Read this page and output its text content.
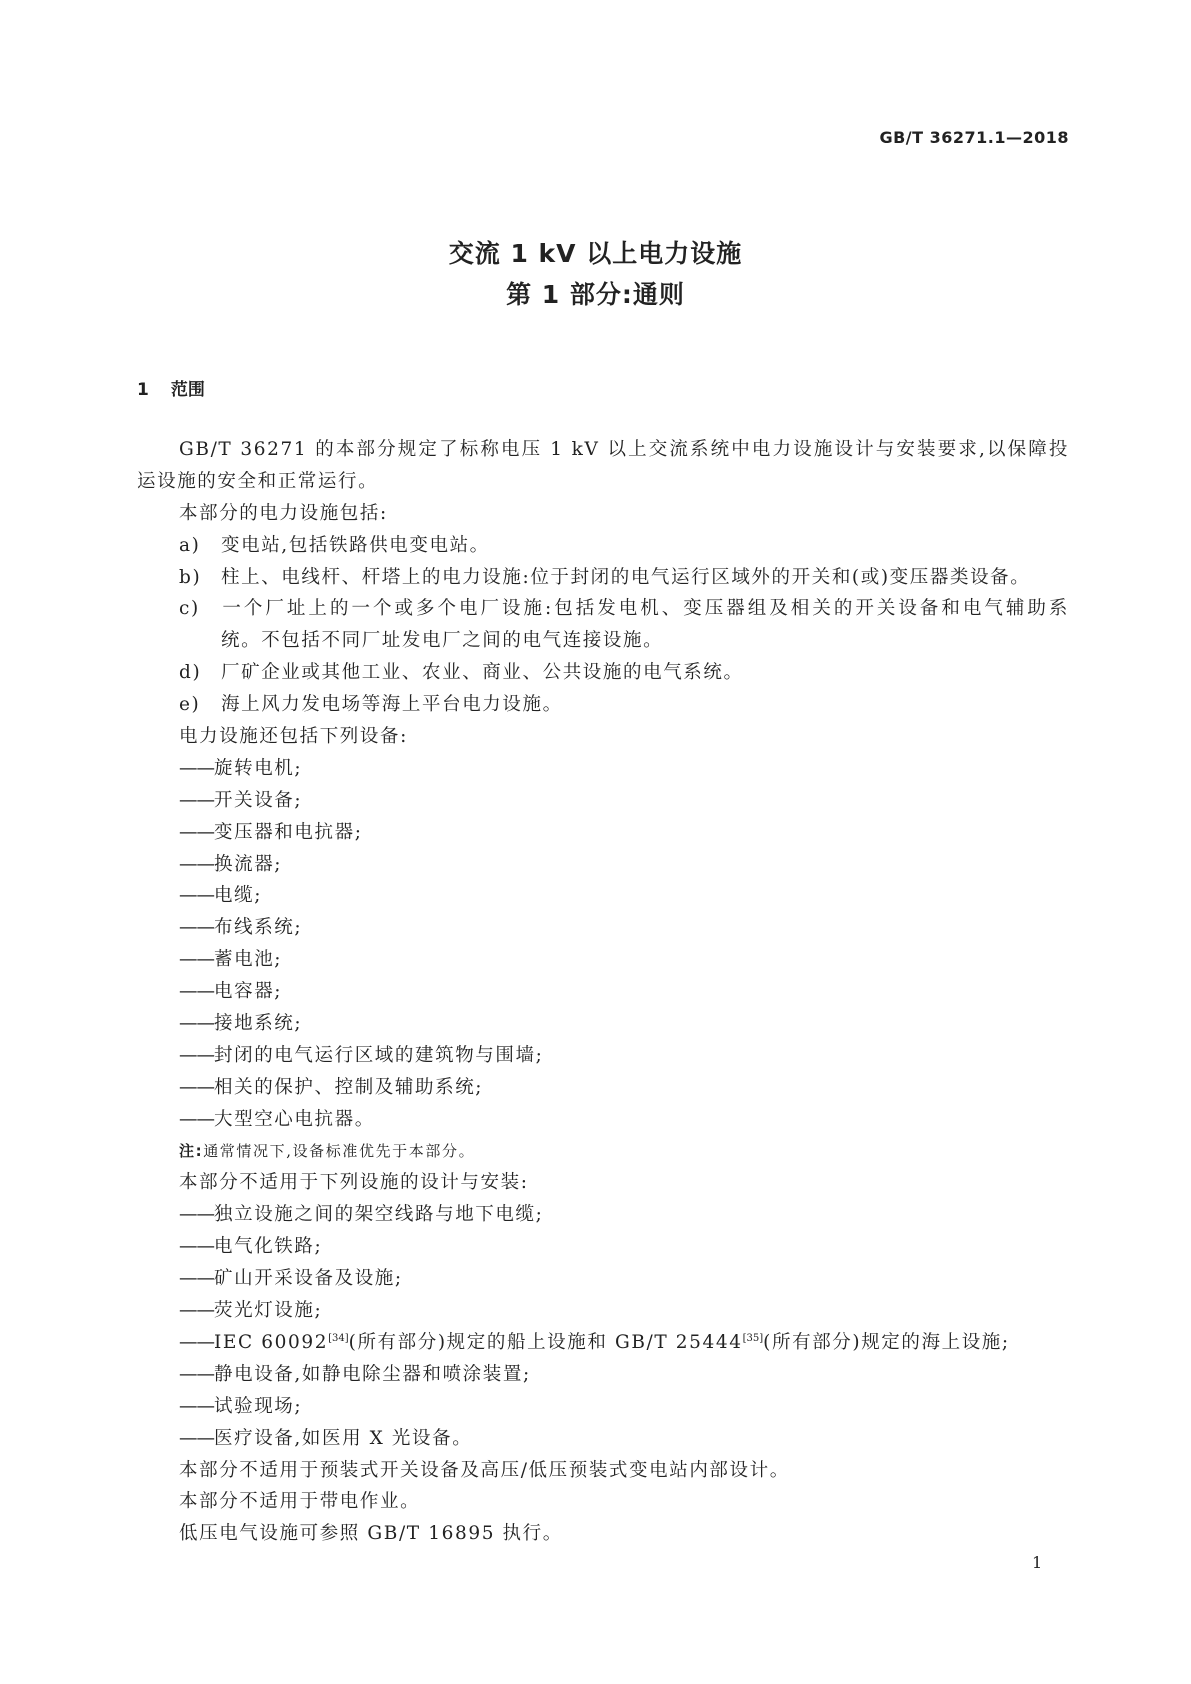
GB/T 36271.1—2018
交流 1 kV 以上电力设施
第 1 部分:通则
1 范围
GB/T 36271 的本部分规定了标称电压 1 kV 以上交流系统中电力设施设计与安装要求,以保障投
运设施的安全和正常运行。
本部分的电力设施包括:
a) 变电站,包括铁路供电变电站。
b) 柱上、电线杆、杆塔上的电力设施:位于封闭的电气运行区域外的开关和(或)变压器类设备。
c) 一个厂址上的一个或多个电厂设施:包括发电机、变压器组及相关的开关设备和电气辅助系
统。不包括不同厂址发电厂之间的电气连接设施。
d) 厂矿企业或其他工业、农业、商业、公共设施的电气系统。
e) 海上风力发电场等海上平台电力设施。
电力设施还包括下列设备:
——旋转电机;
——开关设备;
——变压器和电抗器;
——换流器;
——电缆;
——布线系统;
——蓄电池;
——电容器;
——接地系统;
——封闭的电气运行区域的建筑物与围墙;
——相关的保护、控制及辅助系统;
——大型空心电抗器。
注:通常情况下,设备标准优先于本部分。
本部分不适用于下列设施的设计与安装:
——独立设施之间的架空线路与地下电缆;
——电气化铁路;
——矿山开采设备及设施;
——荧光灯设施;
——IEC 60092[34](所有部分)规定的船上设施和 GB/T 25444[35](所有部分)规定的海上设施;
——静电设备,如静电除尘器和喷涂装置;
——试验现场;
——医疗设备,如医用 X 光设备。
本部分不适用于预装式开关设备及高压/低压预装式变电站内部设计。
本部分不适用于带电作业。
低压电气设施可参照 GB/T 16895 执行。
1
